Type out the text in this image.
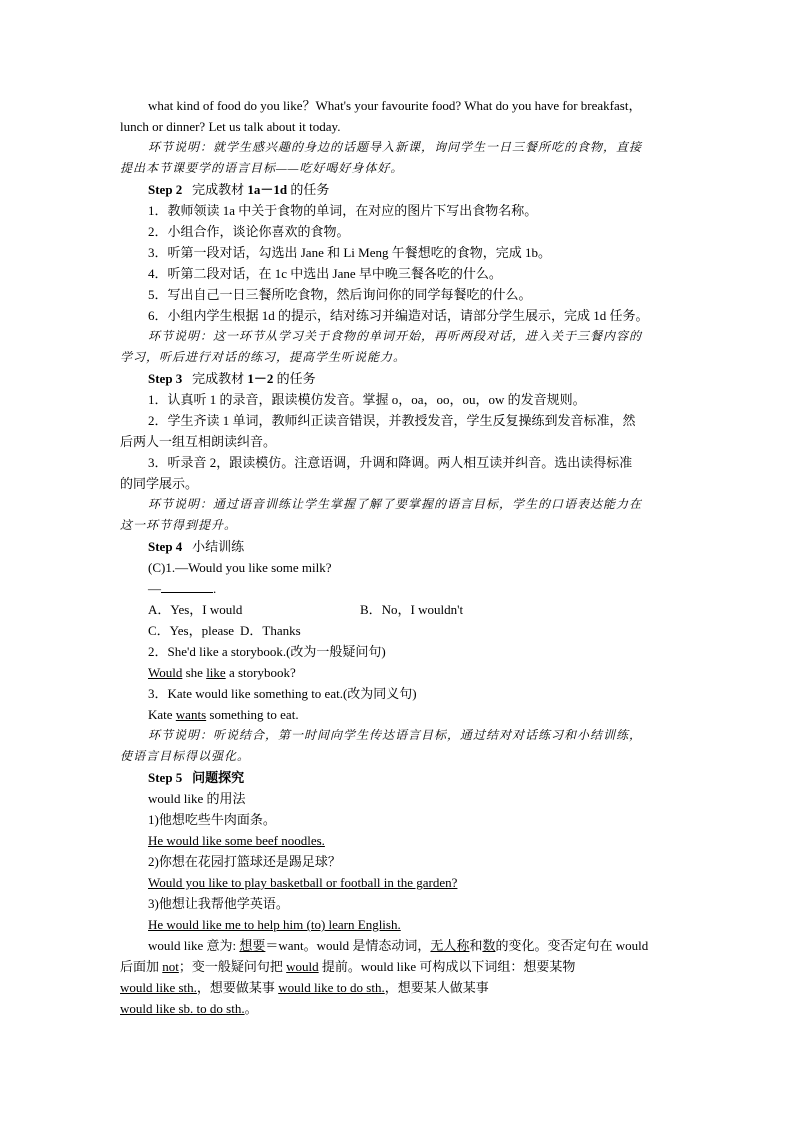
what kind of food do you like？What's your favourite food? What do you have for breakfast，

lunch or dinner? Let us talk about it today.

环节说明：就学生感兴趣的身边的话题导入新课，询问学生一日三餐所吃的食物，直接

提出本节课要学的语言目标——吃好喝好身体好。

Step 2 完成教材 1a－1d 的任务

1．教师领读 1a 中关于食物的单词，在对应的图片下写出食物名称。

2．小组合作，谈论你喜欢的食物。

3．听第一段对话，勾选出 Jane 和 Li Meng 午餐想吃的食物，完成 1b。

4．听第二段对话，在 1c 中选出 Jane 早中晚三餐各吃的什么。

5．写出自己一日三餐所吃食物，然后询问你的同学每餐吃的什么。

6．小组内学生根据 1d 的提示，结对练习并编造对话，请部分学生展示，完成 1d 任务。

环节说明：这一环节从学习关于食物的单词开始，再听两段对话，进入关于三餐内容的

学习，听后进行对话的练习，提高学生听说能力。

Step 3 完成教材 1－2 的任务

1．认真听 1 的录音，跟读模仿发音。掌握 o，oa，oo，ou，ow 的发音规则。

2．学生齐读 1 单词，教师纠正读音错误，并教授发音，学生反复操练到发音标准，然

后两人一组互相朗读纠音。

3．听录音 2，跟读模仿。注意语调，升调和降调。两人相互读并纠音。选出读得标准

的同学展示。

环节说明：通过语音训练让学生掌握了解了要掌握的语言目标，学生的口语表达能力在

这一环节得到提升。

Step 4 小结训练

(C)1.—Would you like some milk?

—	.

A．Yes，I would	B．No，I wouldn't

C．Yes，please D．Thanks

2．She'd like a storybook.(改为一般疑问句)

Would she like a storybook?

3．Kate would like something to eat.(改为同义句)

Kate wants something to eat.

环节说明：听说结合，第一时间向学生传达语言目标，通过结对对话练习和小结训练，

使语言目标得以强化。

Step 5 问题探究

would like 的用法

1)他想吃些牛肉面条。

He would like some beef noodles.

2)你想在花园打篮球还是踢足球？

Would you like to play basketball or football in the garden?

3)他想让我帮他学英语。

He would like me to help him (to) learn English.

would like 意为: 想要＝want。would 是情态动词，无人称和数的变化。变否定句在 would

后面加 not；变一般疑问句把 would 提前。would like 可构成以下词组：想要某物

would like sth.，想要做某事 would like to do sth.，想要某人做某事

would like sb. to do sth.。
